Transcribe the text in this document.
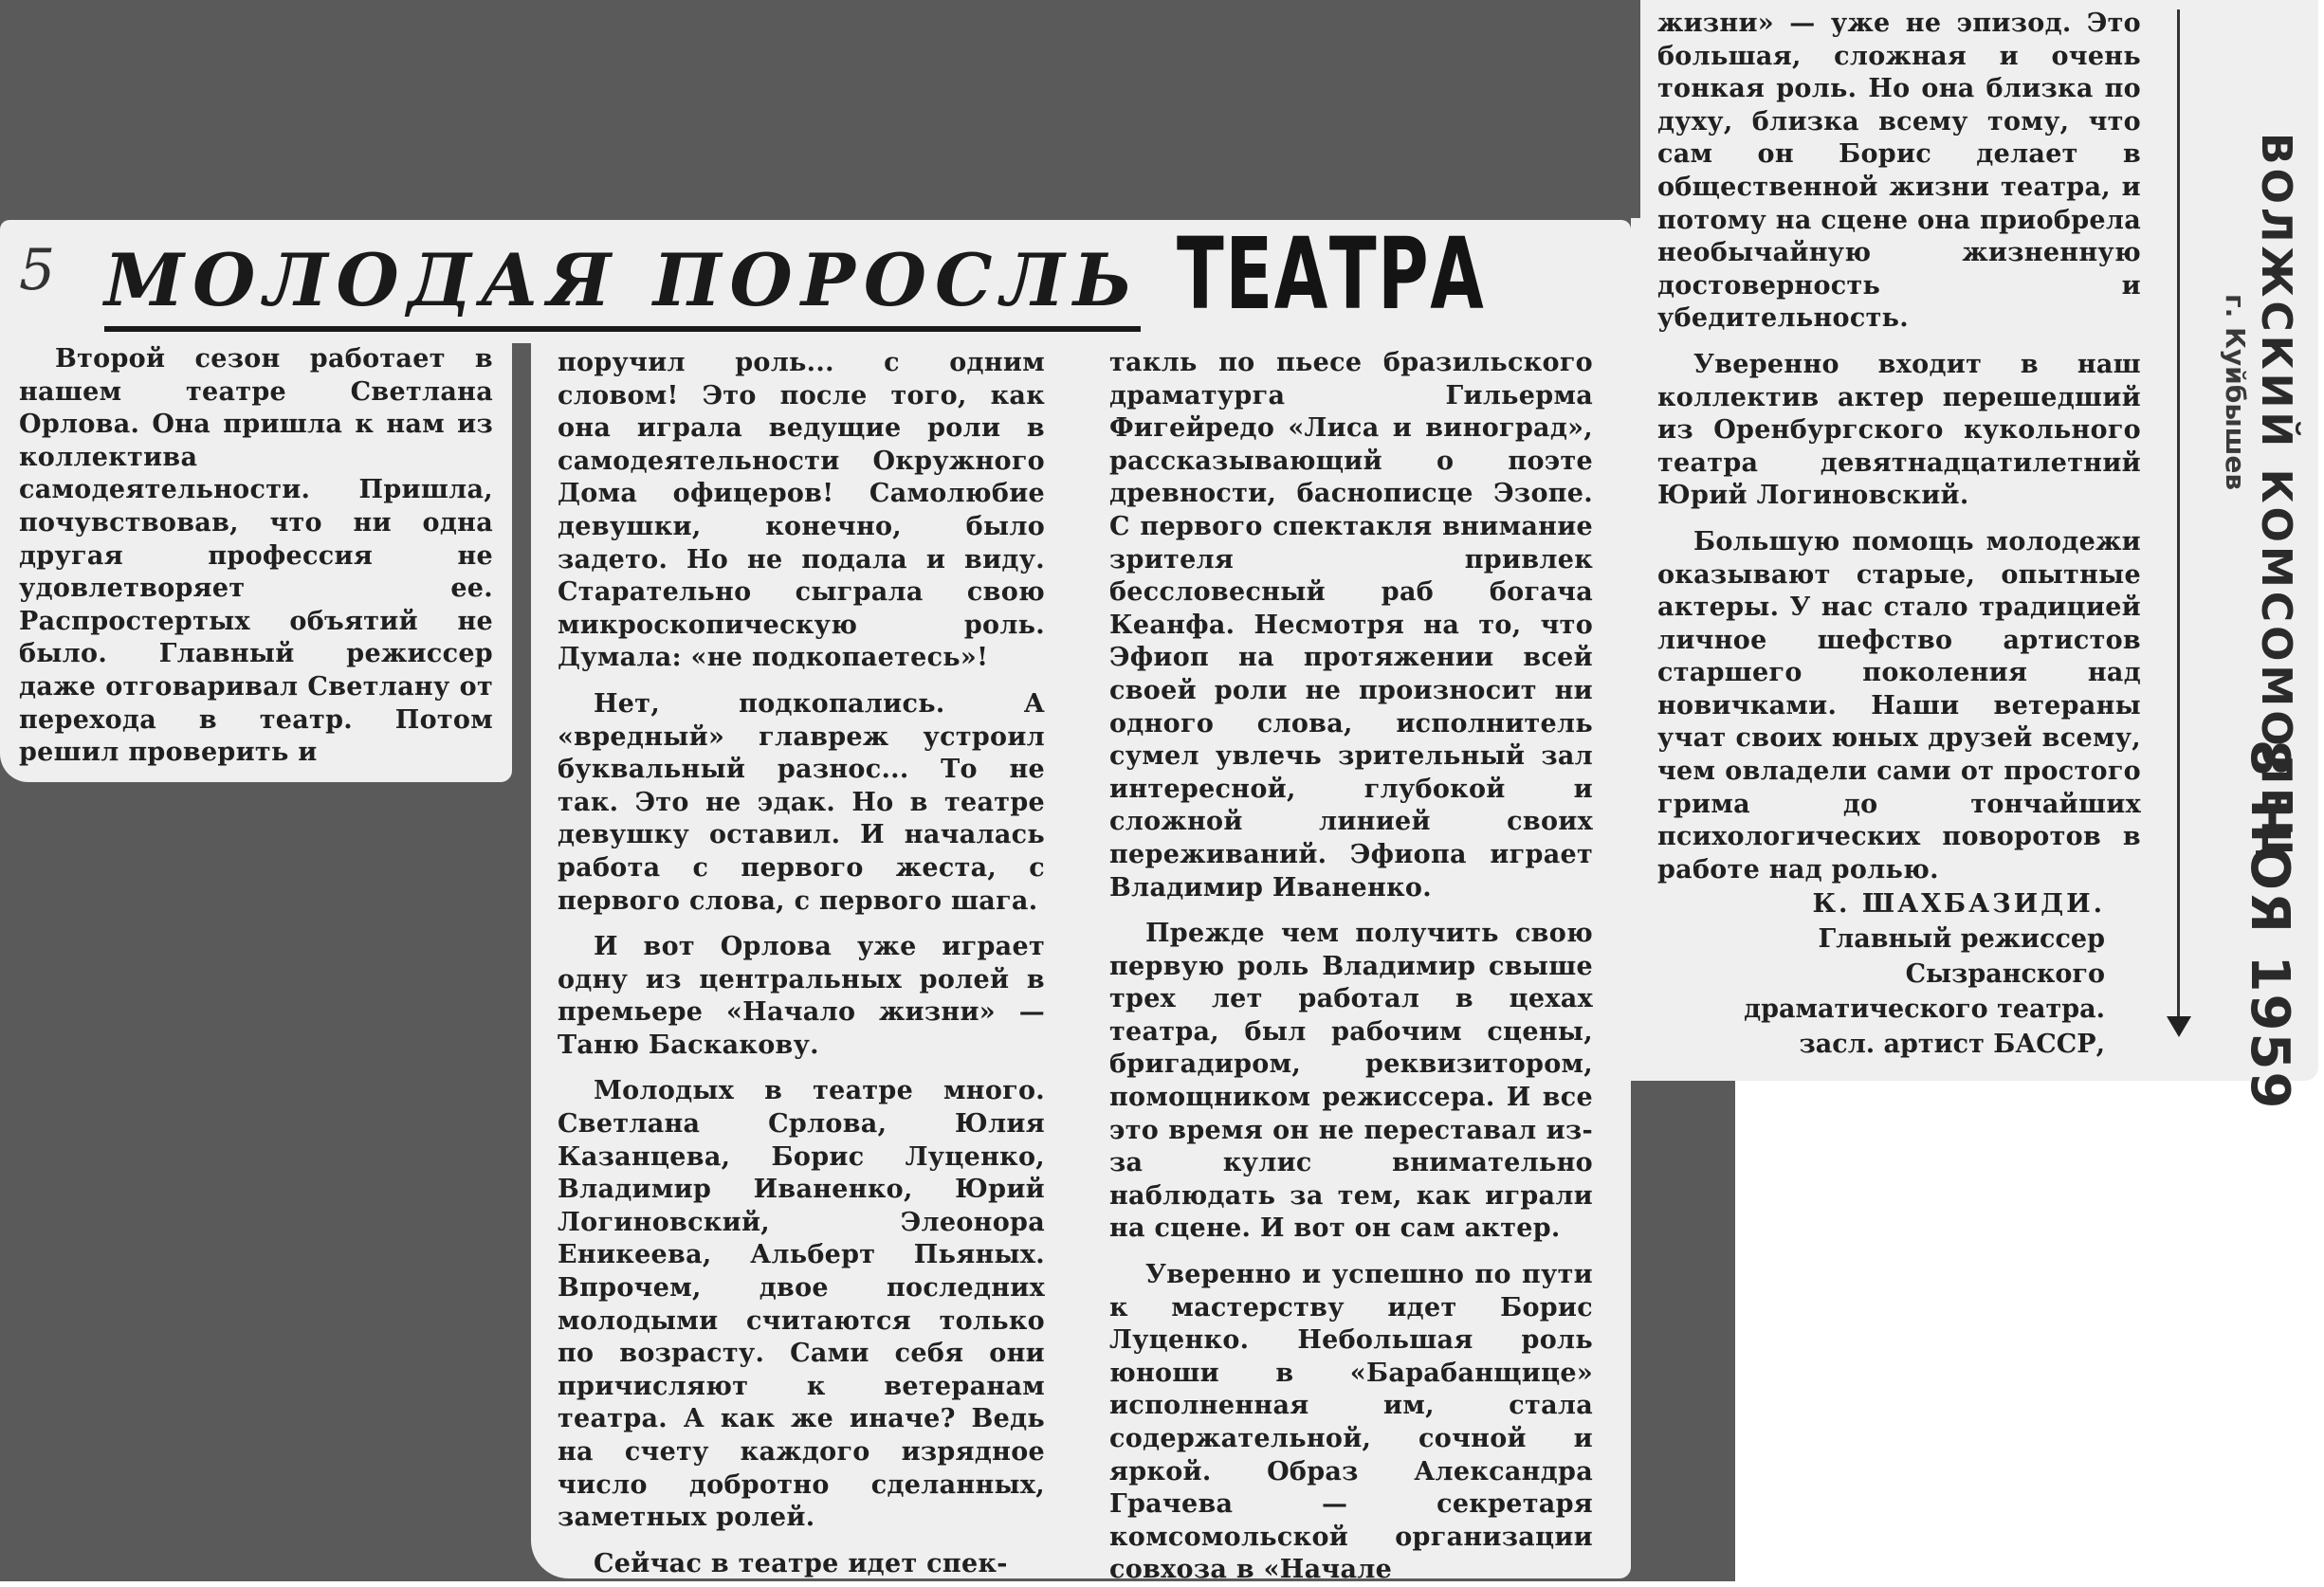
5 МОЛОДАЯ ПОРОСЛЬ ТЕАТРА

Второй сезон работает в нашем театре Светлана Орлова. Она пришла к нам из коллектива самодеятельности. Пришла, почувствовав, что ни одна другая профессия не удовлетворяет ее. Распростертых объятий не было. Главный режиссер даже отговаривал Светлану от перехода в театр. Потом решил проверить и

поручил роль... с одним словом! Это после того, как она играла ведущие роли в самодеятельности Окружного Дома офицеров! Самолюбие девушки, конечно, было задето. Но не подала и виду. Старательно сыграла свою микроскопическую роль. Думала: «не подкопаетесь»!

Нет, подкопались. А «вредный» главреж устроил буквальный разнос... То не так. Это не эдак. Но в театре девушку оставил. И началась работа с первого жеста, с первого слова, с первого шага.

И вот Орлова уже играет одну из центральных ролей в премьере «Начало жизни» — Таню Баскакову.

Молодых в театре много. Светлана Срлова, Юлия Казанцева, Борис Луценко, Владимир Иваненко, Юрий Логиновский, Элеонора Еникеева, Альберт Пьяных. Впрочем, двое последних молодыми считаются только по возрасту. Сами себя они причисляют к ветеранам театра. А как же иначе? Ведь на счету каждого изрядное число добротно сделанных, заметных ролей.

Сейчас в театре идет спек-

такль по пьесе бразильского драматурга Гильерма Фигейредо «Лиса и виноград», рассказывающий о поэте древности, баснописце Эзопе. С первого спектакля внимание зрителя привлек бессловесный раб богача Кеанфа. Несмотря на то, что Эфиоп на протяжении всей своей роли не произносит ни одного слова, исполнитель сумел увлечь зрительный зал интересной, глубокой и сложной линией своих переживаний. Эфиопа играет Владимир Иваненко.

Прежде чем получить свою первую роль Владимир свыше трех лет работал в цехах театра, был рабочим сцены, бригадиром, реквизитором, помощником режиссера. И все это время он не переставал из-за кулис внимательно наблюдать за тем, как играли на сцене. И вот он сам актер.

Уверенно и успешно по пути к мастерству идет Борис Луценко. Небольшая роль юноши в «Барабанщице» исполненная им, стала содержательной, сочной и яркой. Образ Александра Грачева — секретаря комсомольской организации совхоза в «Начале

жизни» — уже не эпизод. Это большая, сложная и очень тонкая роль. Но она близка по духу, близка всему тому, что сам он Борис делает в общественной жизни театра, и потому на сцене она приобрела необычайную жизненную достоверность и убедительность.

Уверенно входит в наш коллектив актер перешедший из Оренбургского кукольного театра девятнадцатилетний Юрий Логиновский.

Большую помощь молодежи оказывают старые, опытные актеры. У нас стало традицией личное шефство артистов старшего поколения над новичками. Наши ветераны учат своих юных друзей всему, чем овладели сами от простого грима до тончайших психологических поворотов в работе над ролью.

К. ШАХБАЗИДИ.
Главный режиссер
Сызранского
драматического театра.
засл. артист БАССР,
ВОЛЖСКИЙ КОМСОМОЛЕЦ
г. Куйбышев
8 НОЯ 1959
